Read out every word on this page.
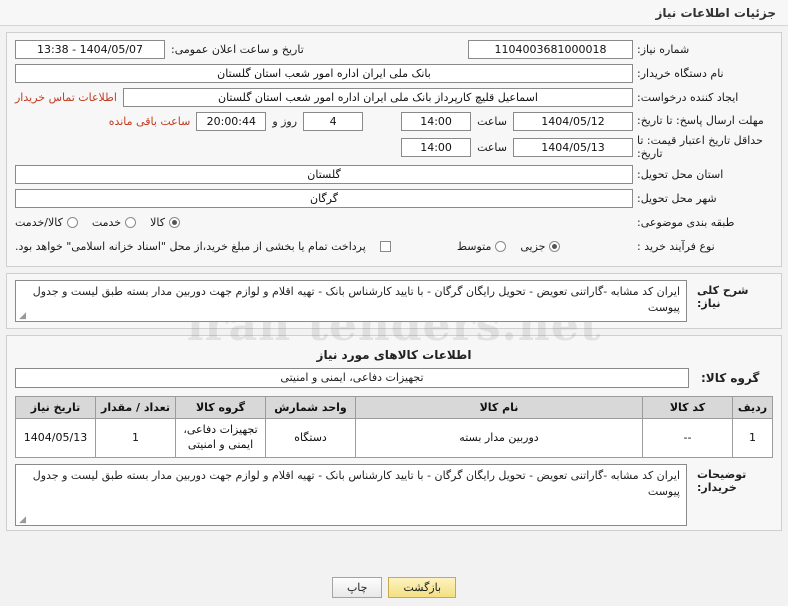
جزئیات اطلاعات نیاز
شماره نیاز:
1104003681000018
تاریخ و ساعت اعلان عمومی:
1404/05/07 - 13:38
نام دستگاه خریدار:
بانک ملی ایران اداره امور شعب استان گلستان
ایجاد کننده درخواست:
اسماعیل قلیچ کارپرداز بانک ملی ایران اداره امور شعب استان گلستان
اطلاعات تماس خریدار
مهلت ارسال پاسخ: تا تاریخ:
1404/05/12
ساعت
14:00
4
روز و
20:00:44
ساعت باقی مانده
حداقل تاریخ اعتبار قیمت: تا تاریخ:
1404/05/13
ساعت
14:00
استان محل تحویل:
گلستان
شهر محل تحویل:
گرگان
طبقه بندی موضوعی:
کالا
خدمت
کالا/خدمت
نوع فرآیند خرید :
جزیی
متوسط
پرداخت تمام یا بخشی از مبلغ خرید،از محل "اسناد خزانه اسلامی" خواهد بود.
شرح کلی نیاز:
ایران کد مشابه -گاراتنی تعویض - تحویل رایگان گرگان - با تایید کارشناس بانک - تهیه اقلام و لوازم جهت دوربین مدار بسته طبق لیست و جدول پیوست
◢
اطلاعات کالاهای مورد نیاز
گروه کالا:
تجهیزات دفاعی، ایمنی و امنیتی
ردیف	کد کالا	نام کالا	واحد شمارش	گروه کالا	تعداد / مقدار	تاریخ نیاز
1	--	دوربین مدار بسته	دستگاه	تجهیزات دفاعی، ایمنی و امنیتی	1	1404/05/13
توضیحات خریدار:
ایران کد مشابه -گاراتنی تعویض - تحویل رایگان گرگان - با تایید کارشناس بانک - تهیه اقلام و لوازم جهت دوربین مدار بسته طبق لیست و جدول پیوست
◢
بازگشت
چاپ
